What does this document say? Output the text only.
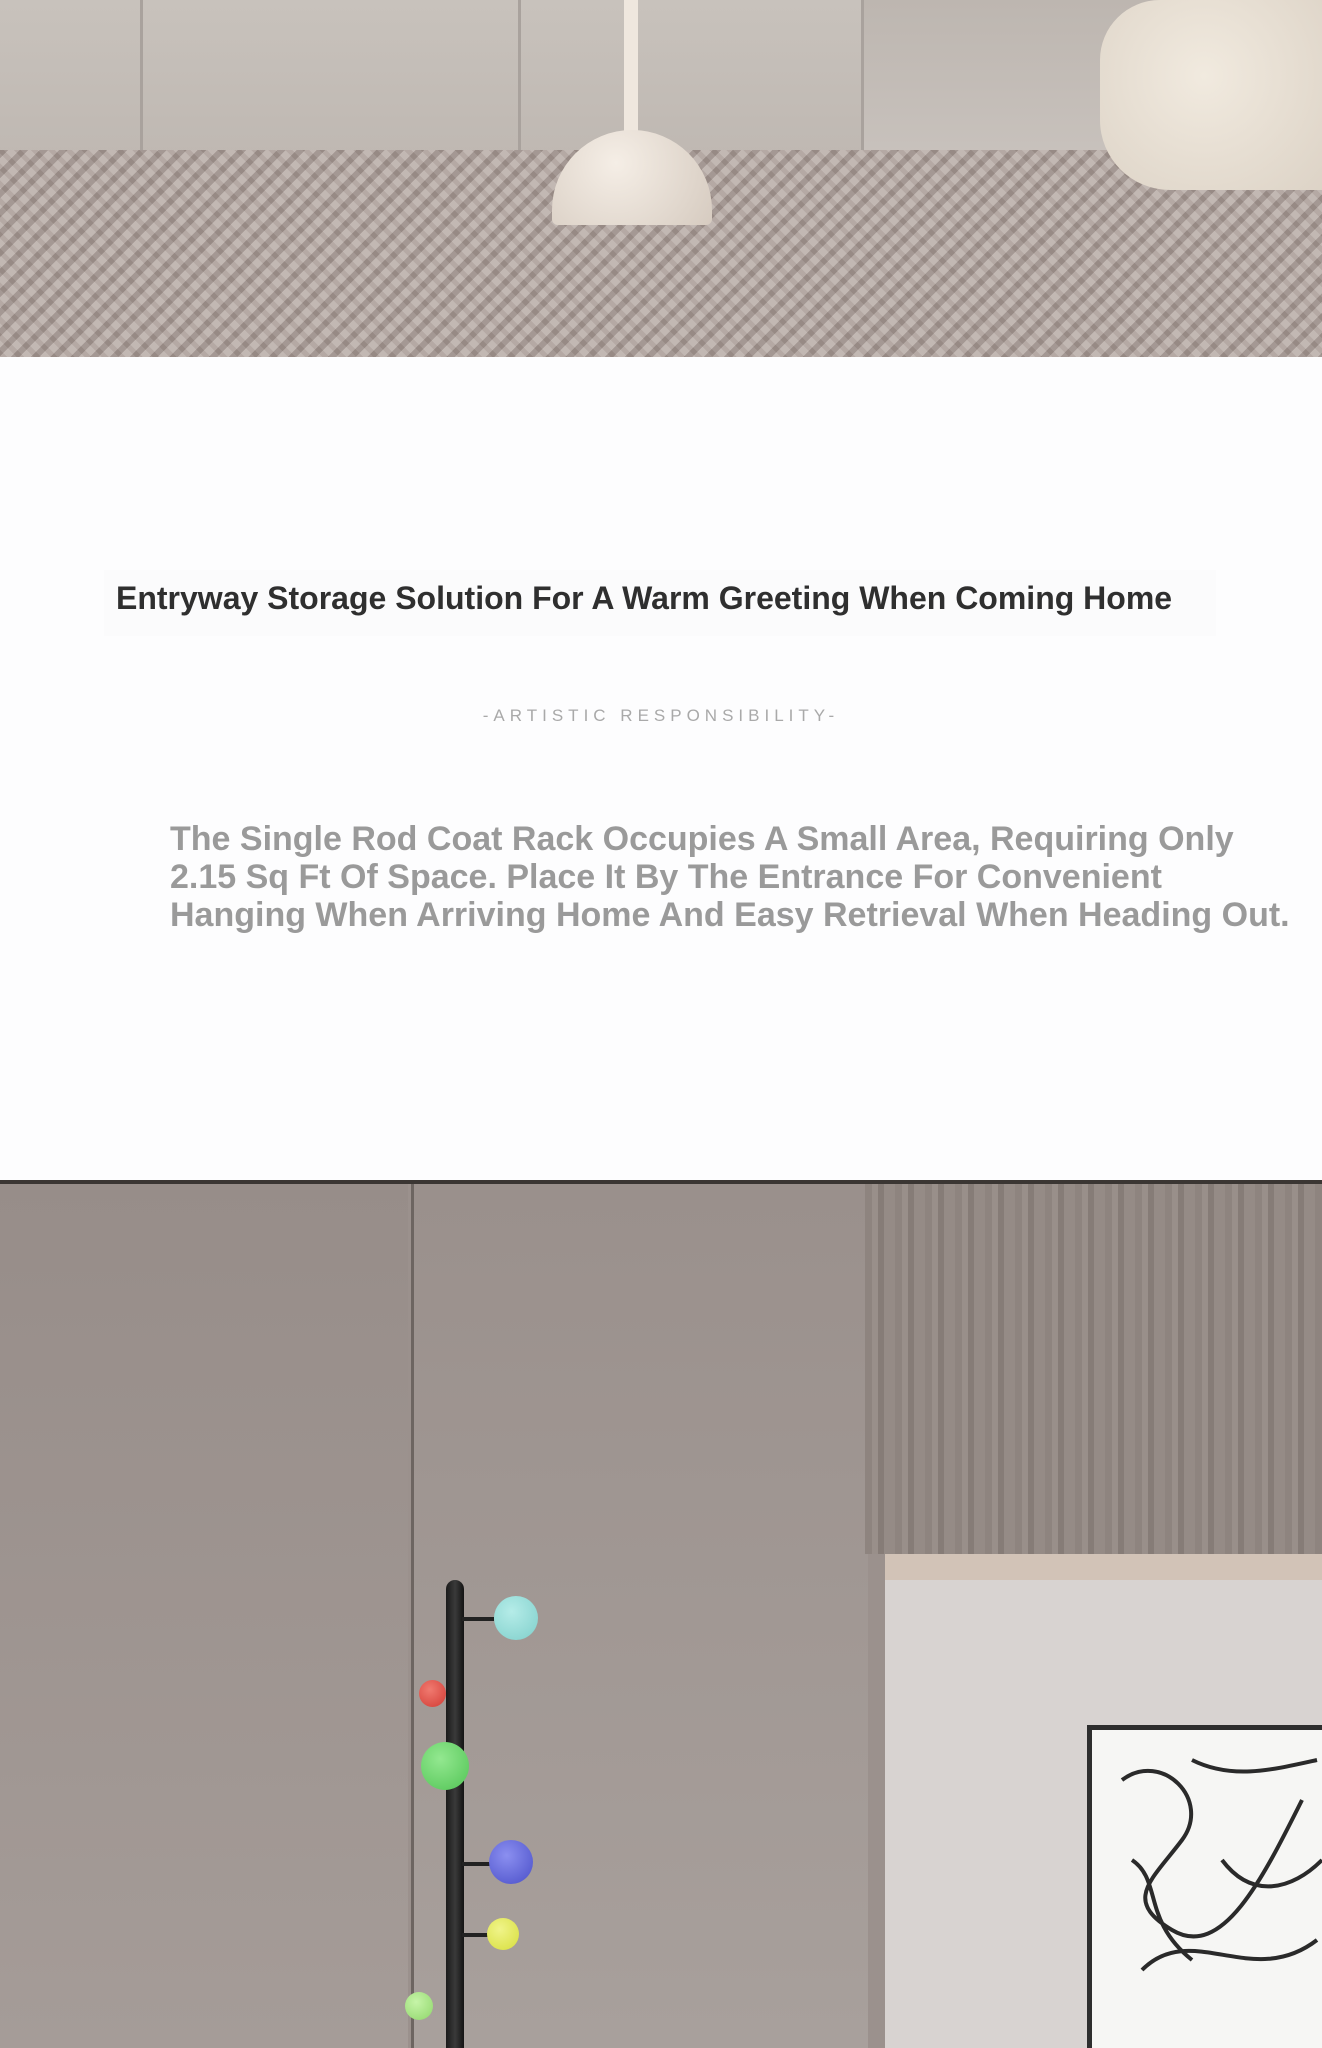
Entryway Storage Solution For A Warm Greeting When Coming Home
-ARTISTIC RESPONSIBILITY-
The Single Rod Coat Rack Occupies A Small Area, Requiring Only 2.15 Sq Ft Of Space. Place It By The Entrance For Convenient Hanging When Arriving Home And Easy Retrieval When Heading Out.
